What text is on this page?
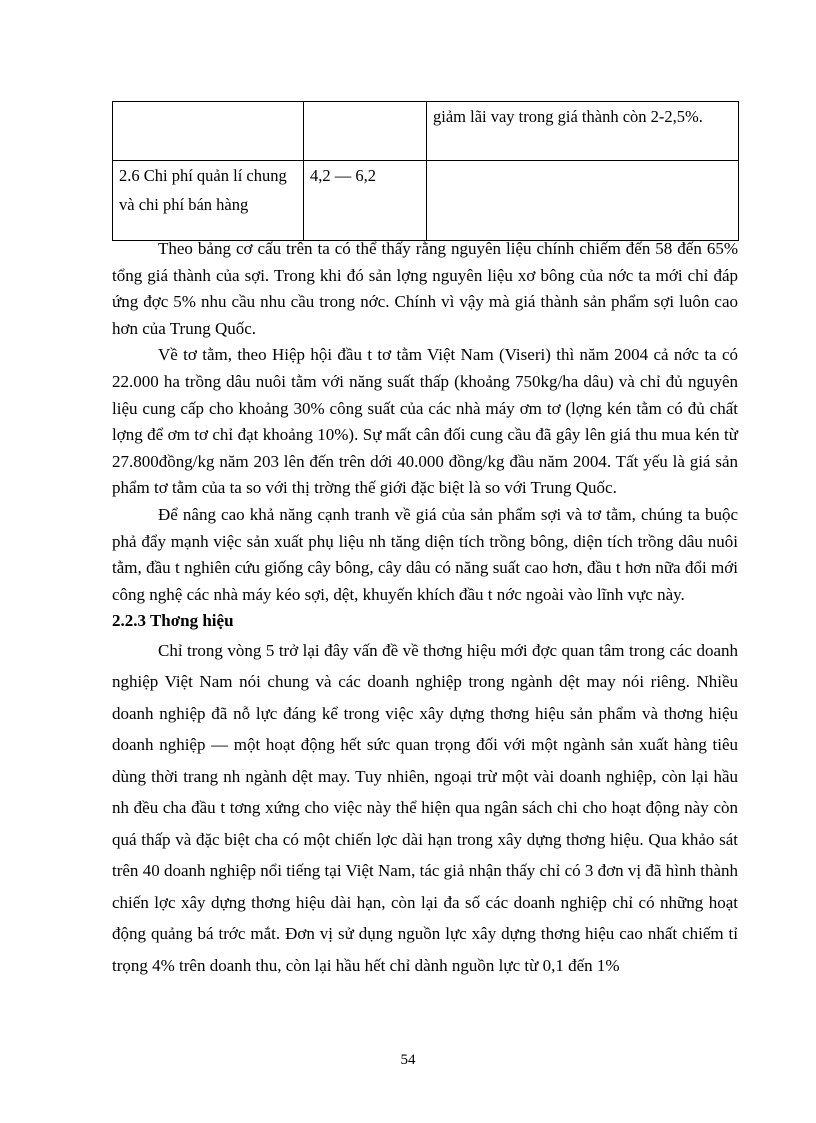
		giảm lãi vay trong giá thành còn 2-2,5%.
2.6 Chi phí quản lí chung và chi phí bán hàng	4,2 — 6,2	

Theo bảng cơ cấu trên ta có thể thấy rằng nguyên liệu chính chiếm đến 58 đến 65% tổng giá thành của sợi. Trong khi đó sản lợng nguyên liệu xơ bông của nớc ta mới chỉ đáp ứng đợc 5% nhu cầu nhu cầu trong nớc. Chính vì vậy mà giá thành sản phẩm sợi luôn cao hơn của Trung Quốc.

Về tơ tằm, theo Hiệp hội đầu t tơ tằm Việt Nam (Viseri) thì năm 2004 cả nớc ta có 22.000 ha trồng dâu nuôi tằm với năng suất thấp (khoảng 750kg/ha dâu) và chỉ đủ nguyên liệu cung cấp cho khoảng 30% công suất của các nhà máy ơm tơ (lợng kén tằm có đủ chất lợng để ơm tơ chỉ đạt khoảng 10%). Sự mất cân đối cung cầu đã gây lên giá thu mua kén từ 27.800đồng/kg năm 203 lên đến trên dới 40.000 đồng/kg đầu năm 2004. Tất yếu là giá sản phẩm tơ tằm của ta so với thị trờng thế giới đặc biệt là so với Trung Quốc.

Để nâng cao khả năng cạnh tranh về giá của sản phẩm sợi và tơ tằm, chúng ta buộc phả đẩy mạnh việc sản xuất phụ liệu nh tăng diện tích trồng bông, diện tích trồng dâu nuôi tằm, đầu t nghiên cứu giống cây bông, cây dâu có năng suất cao hơn, đầu t hơn nữa đổi mới công nghệ các nhà máy kéo sợi, dệt, khuyến khích đầu t nớc ngoài vào lĩnh vực này.

2.2.3 Thơng hiệu

Chỉ trong vòng 5 trở lại đây vấn đề về thơng hiệu mới đợc quan tâm trong các doanh nghiệp Việt Nam nói chung và các doanh nghiệp trong ngành dệt may nói riêng. Nhiều doanh nghiệp đã nỗ lực đáng kể trong việc xây dựng thơng hiệu sản phẩm và thơng hiệu doanh nghiệp — một hoạt động hết sức quan trọng đối với một ngành sản xuất hàng tiêu dùng thời trang nh ngành dệt may. Tuy nhiên, ngoại trừ một vài doanh nghiệp, còn lại hầu nh đều cha đầu t tơng xứng cho việc này thể hiện qua ngân sách chi cho hoạt động này còn quá thấp và đặc biệt cha có một chiến lợc dài hạn trong xây dựng thơng hiệu. Qua khảo sát trên 40 doanh nghiệp nổi tiếng tại Việt Nam, tác giả nhận thấy chỉ có 3 đơn vị đã hình thành chiến lợc xây dựng thơng hiệu dài hạn, còn lại đa số các doanh nghiệp chỉ có những hoạt động quảng bá trớc mắt. Đơn vị sử dụng nguồn lực xây dựng thơng hiệu cao nhất chiếm tỉ trọng 4% trên doanh thu, còn lại hầu hết chỉ dành nguồn lực từ 0,1 đến 1%

54
